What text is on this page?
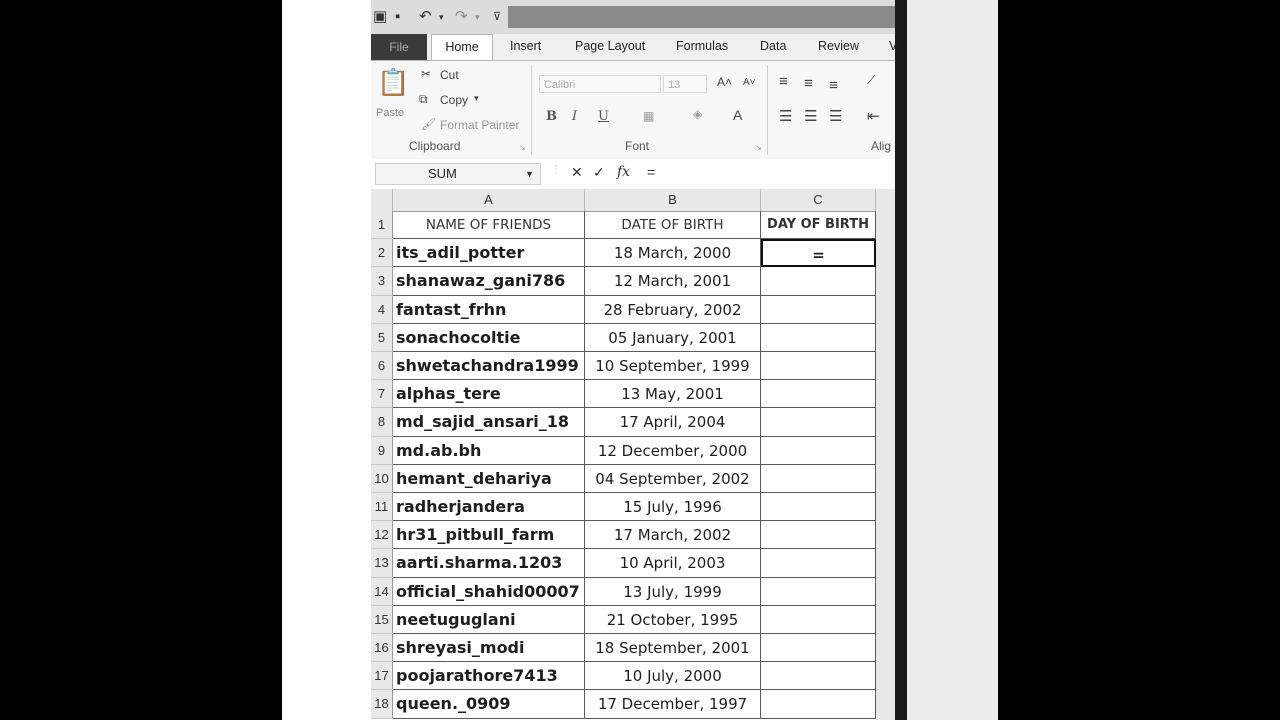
▣ ▪ ↶ ▾ ↷ ▾ ⊽
File	Home	Insert	Page Layout Formulas	Data	Review V
📋
Paste
✂ Cut
⧉ Copy ▾
🖌 Format Painter
Clipboard	↘
Calibri	13	A˄ A˅
B I U	▦	◈ A
Font	↘
≡ ≡ ≡ ⟋
☰ ☰ ☰ ⇤
Alig
SUM	▼ ⋮ ✕ ✓ fx =
A	B	C
1	NAME OF FRIENDS	DATE OF BIRTH	DAY OF BIRTH
2 its_adil_potter	18 March, 2000	=
3 shanawaz_gani786	12 March, 2001
4 fantast_frhn	28 February, 2002
5 sonachocoltie	05 January, 2001
6 shwetachandra1999	10 September, 1999
7 alphas_tere	13 May, 2001
8 md_sajid_ansari_18	17 April, 2004
9 md.ab.bh	12 December, 2000
10 hemant_dehariya	04 September, 2002
11 radherjandera	15 July, 1996
12 hr31_pitbull_farm	17 March, 2002
13 aarti.sharma.1203	10 April, 2003
14 official_shahid00007	13 July, 1999
15 neetuguglani	21 October, 1995
16 shreyasi_modi	18 September, 2001
17 poojarathore7413	10 July, 2000
18 queen._0909	17 December, 1997
